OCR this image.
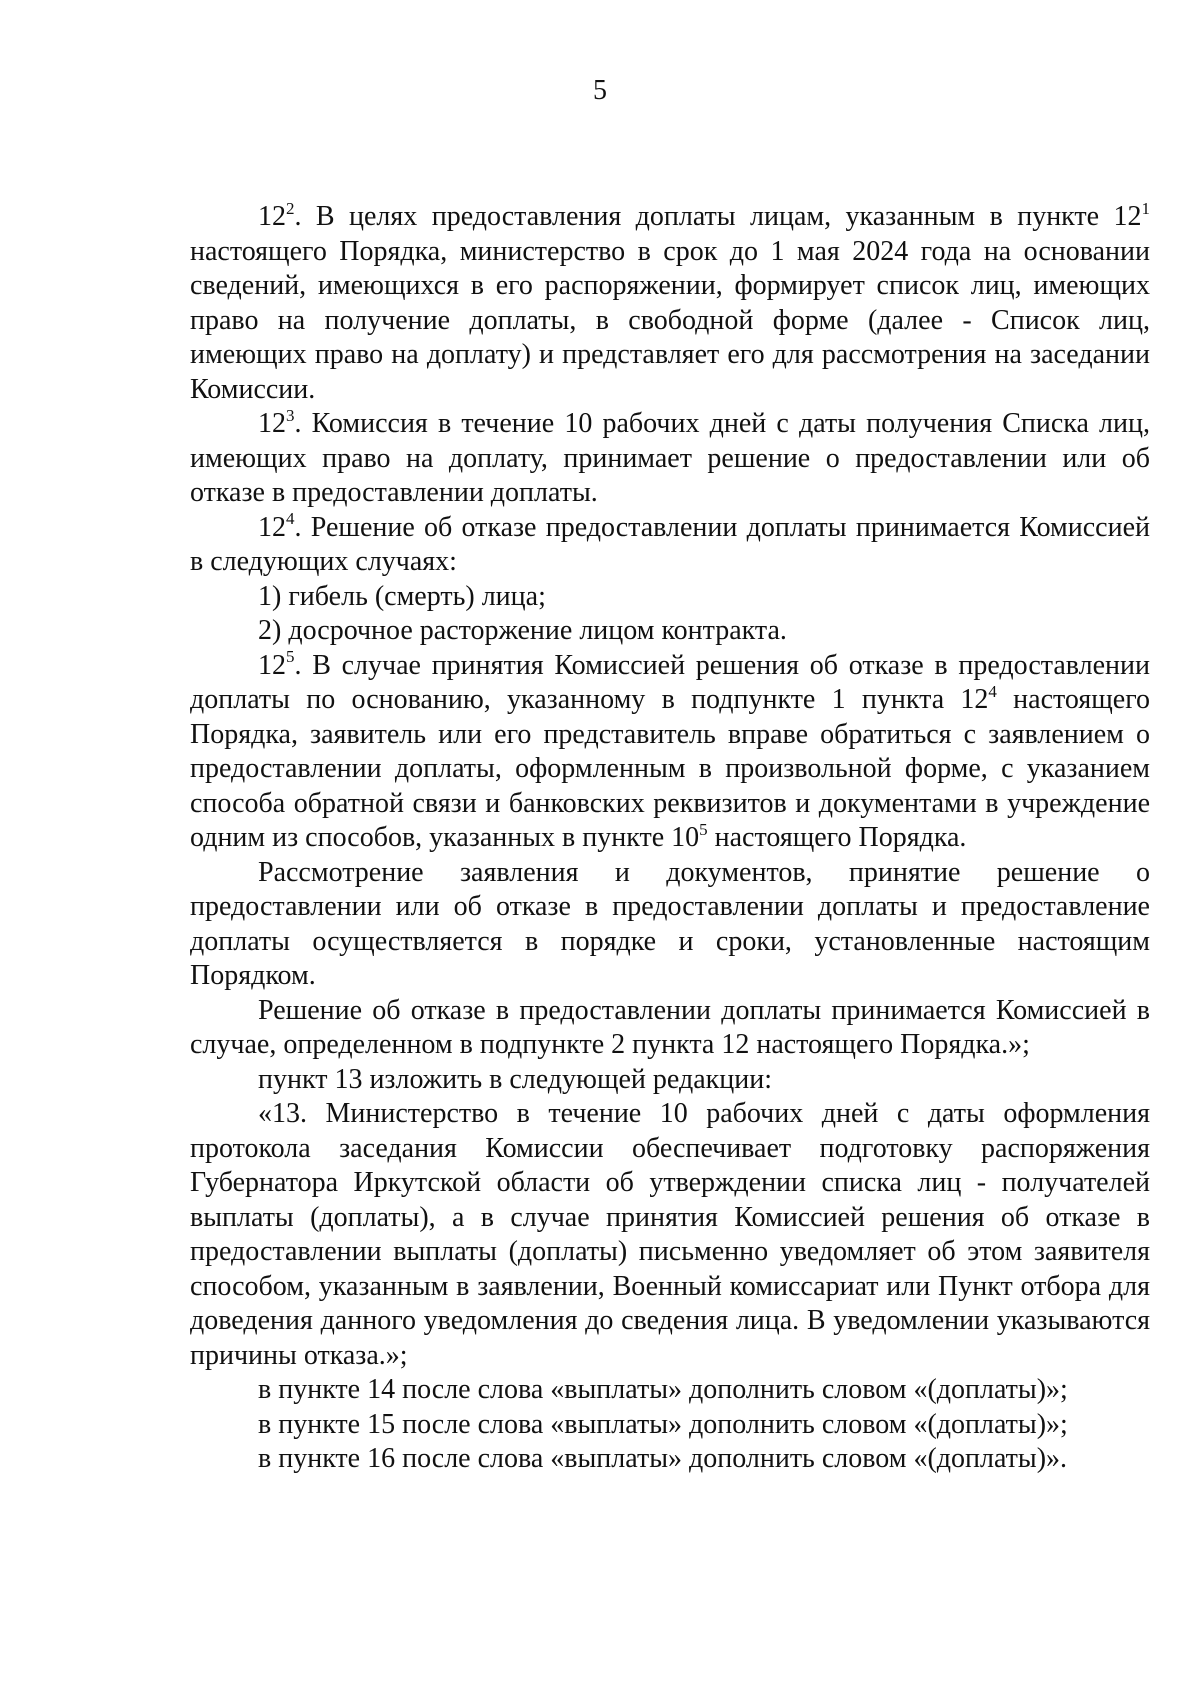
5

$12^2$. В целях предоставления доплаты лицам, указанным в пункте $12^1$ настоящего Порядка, министерство в срок до 1 мая 2024 года на основании сведений, имеющихся в его распоряжении, формирует список лиц, имеющих право на получение доплаты, в свободной форме (далее - Список лиц, имеющих право на доплату) и представляет его для рассмотрения на заседании Комиссии.

$12^3$. Комиссия в течение 10 рабочих дней с даты получения Списка лиц, имеющих право на доплату, принимает решение о предоставлении или об отказе в предоставлении доплаты.

$12^4$. Решение об отказе предоставлении доплаты принимается Комиссией в следующих случаях:

1) гибель (смерть) лица;

2) досрочное расторжение лицом контракта.

$12^5$. В случае принятия Комиссией решения об отказе в предоставлении доплаты по основанию, указанному в подпункте 1 пункта $12^4$ настоящего Порядка, заявитель или его представитель вправе обратиться с заявлением о предоставлении доплаты, оформленным в произвольной форме, с указанием способа обратной связи и банковских реквизитов и документами в учреждение одним из способов, указанных в пункте $10^5$ настоящего Порядка.

Рассмотрение заявления и документов, принятие решение о предоставлении или об отказе в предоставлении доплаты и предоставление доплаты осуществляется в порядке и сроки, установленные настоящим Порядком.

Решение об отказе в предоставлении доплаты принимается Комиссией в случае, определенном в подпункте 2 пункта 12 настоящего Порядка.»;

пункт 13 изложить в следующей редакции:

«13. Министерство в течение 10 рабочих дней с даты оформления протокола заседания Комиссии обеспечивает подготовку распоряжения Губернатора Иркутской области об утверждении списка лиц - получателей выплаты (доплаты), а в случае принятия Комиссией решения об отказе в предоставлении выплаты (доплаты) письменно уведомляет об этом заявителя способом, указанным в заявлении, Военный комиссариат или Пункт отбора для доведения данного уведомления до сведения лица. В уведомлении указываются причины отказа.»;

в пункте 14 после слова «выплаты» дополнить словом «(доплаты)»;

в пункте 15 после слова «выплаты» дополнить словом «(доплаты)»;

в пункте 16 после слова «выплаты» дополнить словом «(доплаты)».
